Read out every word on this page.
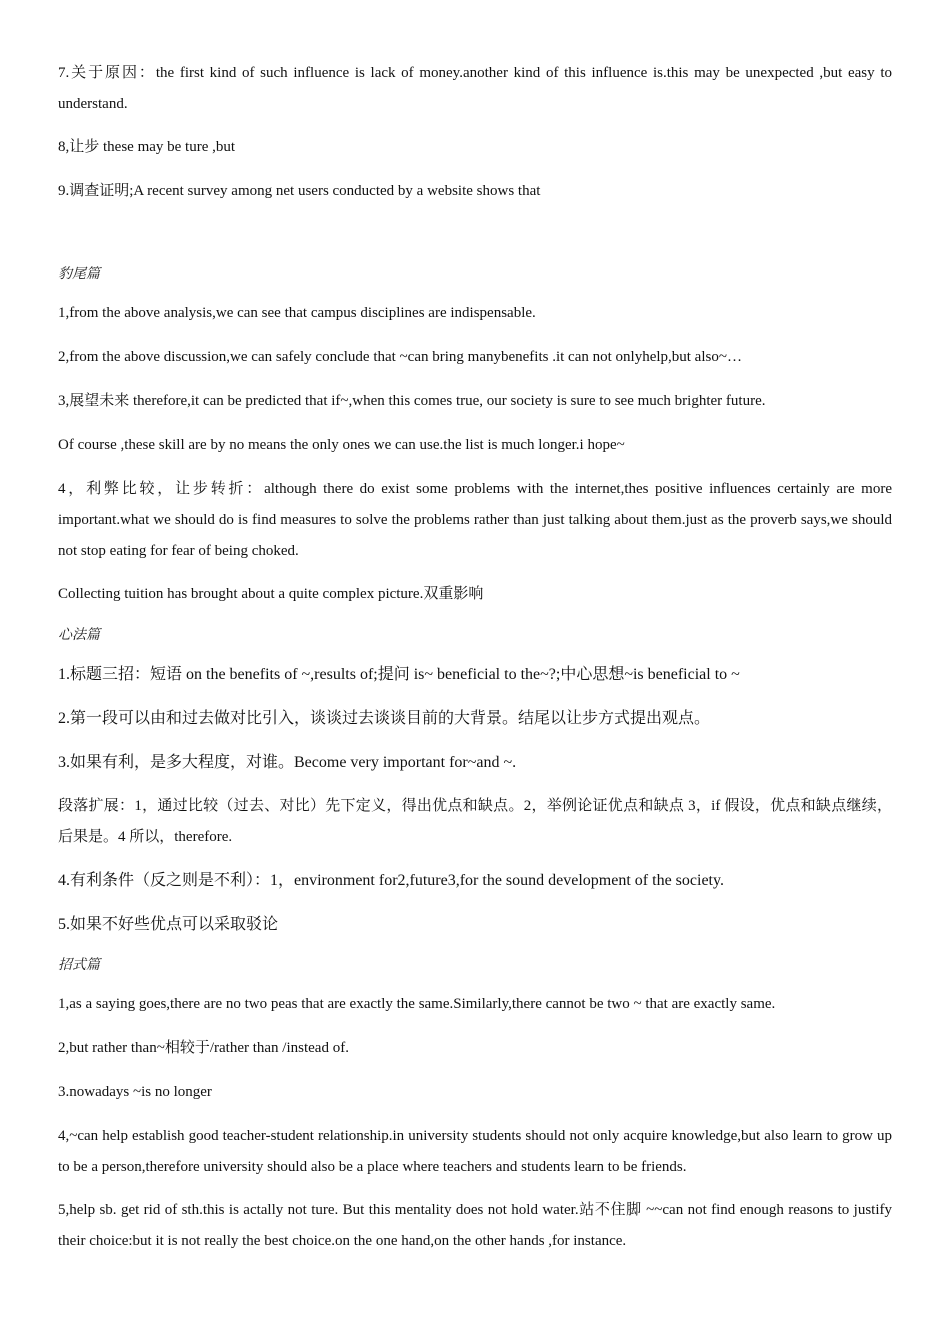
7.关于原因：the first kind of such influence is lack of money.another kind of this influence is.this may be unexpected ,but easy to understand.

8,让步 these may be ture ,but

9.调查证明;A recent survey among net users conducted by a website shows that

豹尾篇

1,from the above analysis,we can see that campus disciplines are indispensable.

2,from the above discussion,we can safely conclude that ~can bring manybenefits .it can not onlyhelp,but also~…

3,展望未来 therefore,it can be predicted that if~,when this comes true, our society is sure to see much brighter future.

Of course ,these skill are by no means the only ones we can use.the list is much longer.i hope~

4，利弊比较，让步转折：although there do exist some problems with the internet,thes positive influences certainly are more important.what we should do is find measures to solve the problems rather than just talking about them.just as the proverb says,we should not stop eating for fear of being choked.

Collecting tuition has brought about a quite complex picture.双重影响

心法篇

1.标题三招：短语 on the benefits of ~,results of;提问 is~ beneficial to the~?;中心思想~is beneficial to ~

2.第一段可以由和过去做对比引入，谈谈过去谈谈目前的大背景。结尾以让步方式提出观点。

3.如果有利，是多大程度，对谁。Become very important for~and ~.

段落扩展：1，通过比较（过去、对比）先下定义，得出优点和缺点。2，举例论证优点和缺点 3，if 假设，优点和缺点继续，后果是。4 所以，therefore.

4.有利条件（反之则是不利）：1，environment for2,future3,for the sound development of the society.

5.如果不好些优点可以采取驳论

招式篇

1,as a saying goes,there are no two peas that are exactly the same.Similarly,there cannot be two ~ that are exactly same.

2,but rather than~相较于/rather than /instead of.

3.nowadays ~is no longer

4,~can help establish good teacher-student relationship.in university students should not only acquire knowledge,but also learn to grow up to be a person,therefore university should also be a place where teachers and students learn to be friends.

5,help sb. get rid of sth.this is actally not ture. But this mentality does not hold water.站不住脚 ~~can not find enough reasons to justify their choice:but it is not really the best choice.on the one hand,on the other hands ,for instance.
